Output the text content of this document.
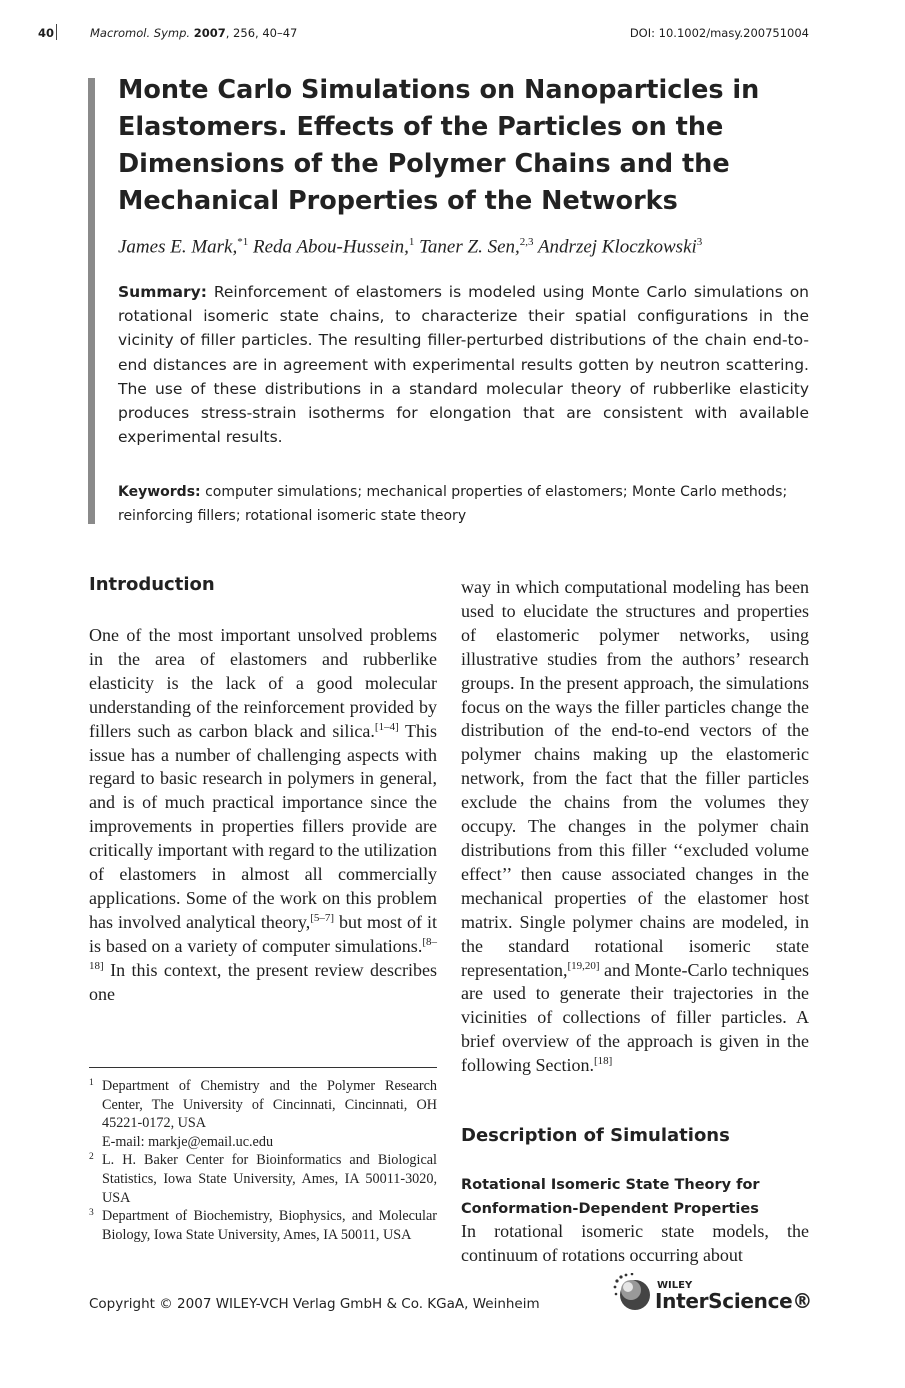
40	Macromol. Symp. 2007, 256, 40–47	DOI: 10.1002/masy.200751004
Monte Carlo Simulations on Nanoparticles in Elastomers. Effects of the Particles on the Dimensions of the Polymer Chains and the Mechanical Properties of the Networks
James E. Mark,$^{*1}$ Reda Abou-Hussein,$^1$ Taner Z. Sen,$^{2,3}$ Andrzej Kloczkowski$^3$
Summary: Reinforcement of elastomers is modeled using Monte Carlo simulations on rotational isomeric state chains, to characterize their spatial configurations in the vicinity of filler particles. The resulting filler-perturbed distributions of the chain end-to-end distances are in agreement with experimental results gotten by neutron scattering. The use of these distributions in a standard molecular theory of rubberlike elasticity produces stress-strain isotherms for elongation that are consistent with available experimental results.
Keywords: computer simulations; mechanical properties of elastomers; Monte Carlo methods; reinforcing fillers; rotational isomeric state theory
Introduction
One of the most important unsolved problems in the area of elastomers and rubberlike elasticity is the lack of a good molecular understanding of the reinforcement provided by fillers such as carbon black and silica.[1–4] This issue has a number of challenging aspects with regard to basic research in polymers in general, and is of much practical importance since the improvements in properties fillers provide are critically important with regard to the utilization of elastomers in almost all commercially applications. Some of the work on this problem has involved analytical theory,[5–7] but most of it is based on a variety of computer simulations.[8–18] In this context, the present review describes one
way in which computational modeling has been used to elucidate the structures and properties of elastomeric polymer networks, using illustrative studies from the authors’ research groups. In the present approach, the simulations focus on the ways the filler particles change the distribution of the end-to-end vectors of the polymer chains making up the elastomeric network, from the fact that the filler particles exclude the chains from the volumes they occupy. The changes in the polymer chain distributions from this filler ‘‘excluded volume effect’’ then cause associated changes in the mechanical properties of the elastomer host matrix. Single polymer chains are modeled, in the standard rotational isomeric state representation,[19,20] and Monte-Carlo techniques are used to generate their trajectories in the vicinities of collections of filler particles. A brief overview of the approach is given in the following Section.[18]
Description of Simulations
Rotational Isomeric State Theory for Conformation-Dependent Properties
In rotational isomeric state models, the continuum of rotations occurring about
1 Department of Chemistry and the Polymer Research Center, The University of Cincinnati, Cincinnati, OH 45221-0172, USA
E-mail: markje@email.uc.edu
2 L. H. Baker Center for Bioinformatics and Biological Statistics, Iowa State University, Ames, IA 50011-3020, USA
3 Department of Biochemistry, Biophysics, and Molecular Biology, Iowa State University, Ames, IA 50011, USA
Copyright © 2007 WILEY-VCH Verlag GmbH & Co. KGaA, Weinheim
WILEY
InterScience®
